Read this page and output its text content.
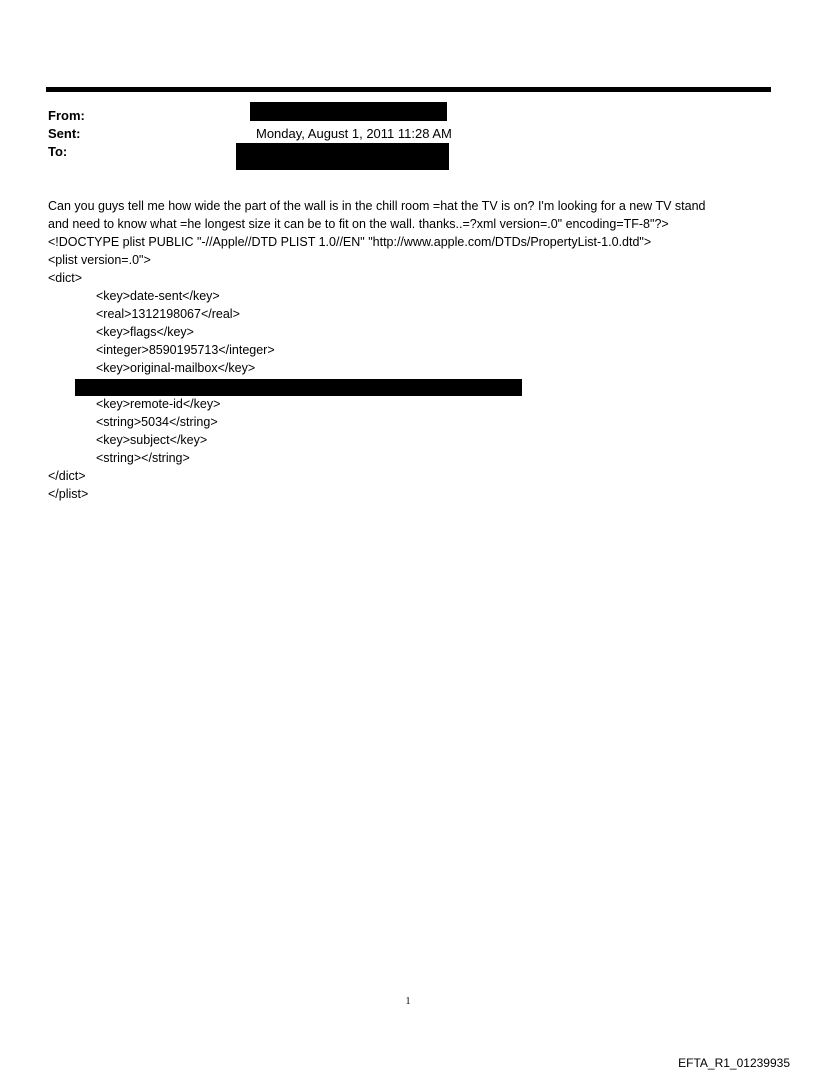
From:
Sent:	Monday, August 1, 2011 11:28 AM
To:
Can you guys tell me how wide the part of the wall is in the chill room =hat the TV is on? I'm looking for a new TV stand
and need to know what =he longest size it can be to fit on the wall. thanks..=?xml version=.0" encoding=TF-8"?>
<!DOCTYPE plist PUBLIC "-//Apple//DTD PLIST 1.0//EN" "http://www.apple.com/DTDs/PropertyList-1.0.dtd">
<plist version=.0">
<dict>
<key>date-sent</key>
<real>1312198067</real>
<key>flags</key>
<integer>8590195713</integer>
<key>original-mailbox</key>
<key>remote-id</key>
<string>5034</string>
<key>subject</key>
<string></string>
</dict>
</plist>
1
EFTA_R1_01239935
